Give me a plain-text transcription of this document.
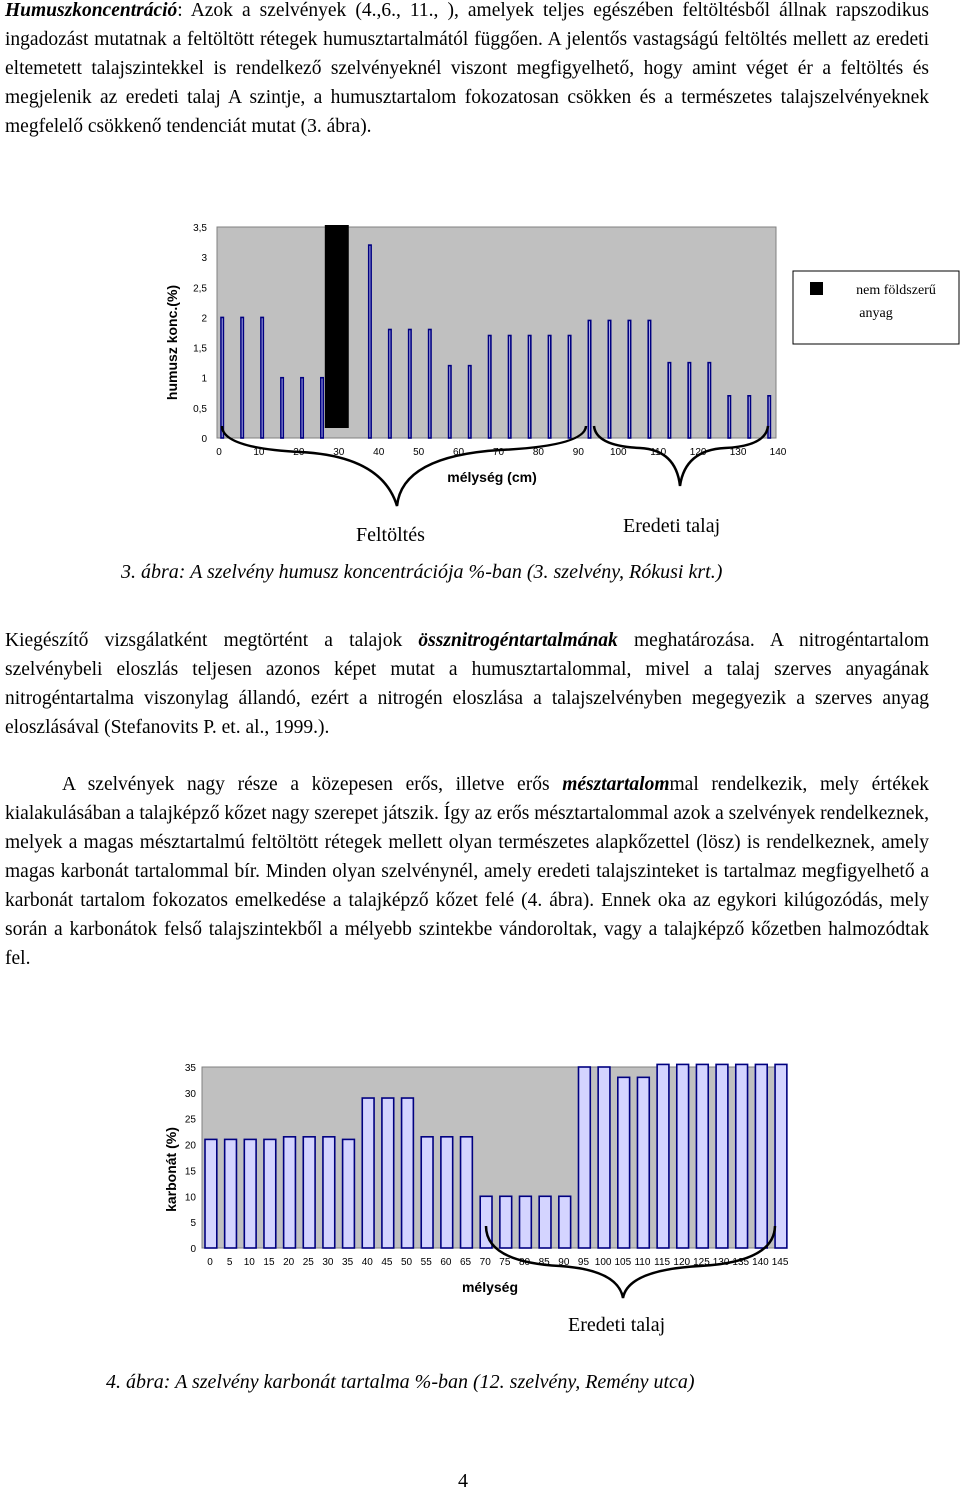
Humuszkoncentráció: Azok a szelvények (4.,6., 11., ), amelyek teljes egészében feltöltésből állnak rapszodikus ingadozást mutatnak a feltöltött rétegek humusztartalmától függően. A jelentős vastagságú feltöltés mellett az eredeti eltemetett talajszintekkel is rendelkező szelvényeknél viszont megfigyelhető, hogy amint véget ér a feltöltés és megjelenik az eredeti talaj A szintje, a humusztartalom fokozatosan csökken és a természetes talajszelvényeknek megfelelő csökkenő tendenciát mutat (3. ábra).

0
0,5
1
1,5
2
2,5
3
3,5
0	10	20	30	40	50	60	70	80	90	100 110 120 130 140
mélység (cm)
humusz konc.(%)	nem földszerű
anyag
Feltöltés	Eredeti talaj
3. ábra: A szelvény humusz koncentrációja %-ban (3. szelvény, Rókusi krt.)

Kiegészítő vizsgálatként megtörtént a talajok össznitrogéntartalmának meghatározása. A nitrogéntartalom szelvénybeli eloszlás teljesen azonos képet mutat a humusztartalommal, mivel a talaj szerves anyagának nitrogéntartalma viszonylag állandó, ezért a nitrogén eloszlása a talajszelvényben megegyezik a szerves anyag eloszlásával (Stefanovits P. et. al., 1999.).

A szelvények nagy része a közepesen erős, illetve erős mésztartalommal rendelkezik, mely értékek kialakulásában a talajképző kőzet nagy szerepet játszik. Így az erős mésztartalommal azok a szelvények rendelkeznek, melyek a magas mésztartalmú feltöltött rétegek mellett olyan természetes alapkőzettel (lösz) is rendelkeznek, amely magas karbonát tartalommal bír. Minden olyan szelvénynél, amely eredeti talajszinteket is tartalmaz megfigyelhető a karbonát tartalom fokozatos emelkedése a talajképző kőzet felé (4. ábra). Ennek oka az egykori kilúgozódás, mely során a karbonátok felső talajszintekből a mélyebb szintekbe vándoroltak, vagy a talajképző kőzetben halmozódtak fel.

0
5
10
15
20
25
30
35
0 5 10 15 20 25 30 35 40 45 50 55 60 65 70 75 80 85 90 95 100 105 110 115 120 125 130 135 140 145
mélység
karbonát (%)
Eredeti talaj
4. ábra: A szelvény karbonát tartalma %-ban (12. szelvény, Remény utca)
4
